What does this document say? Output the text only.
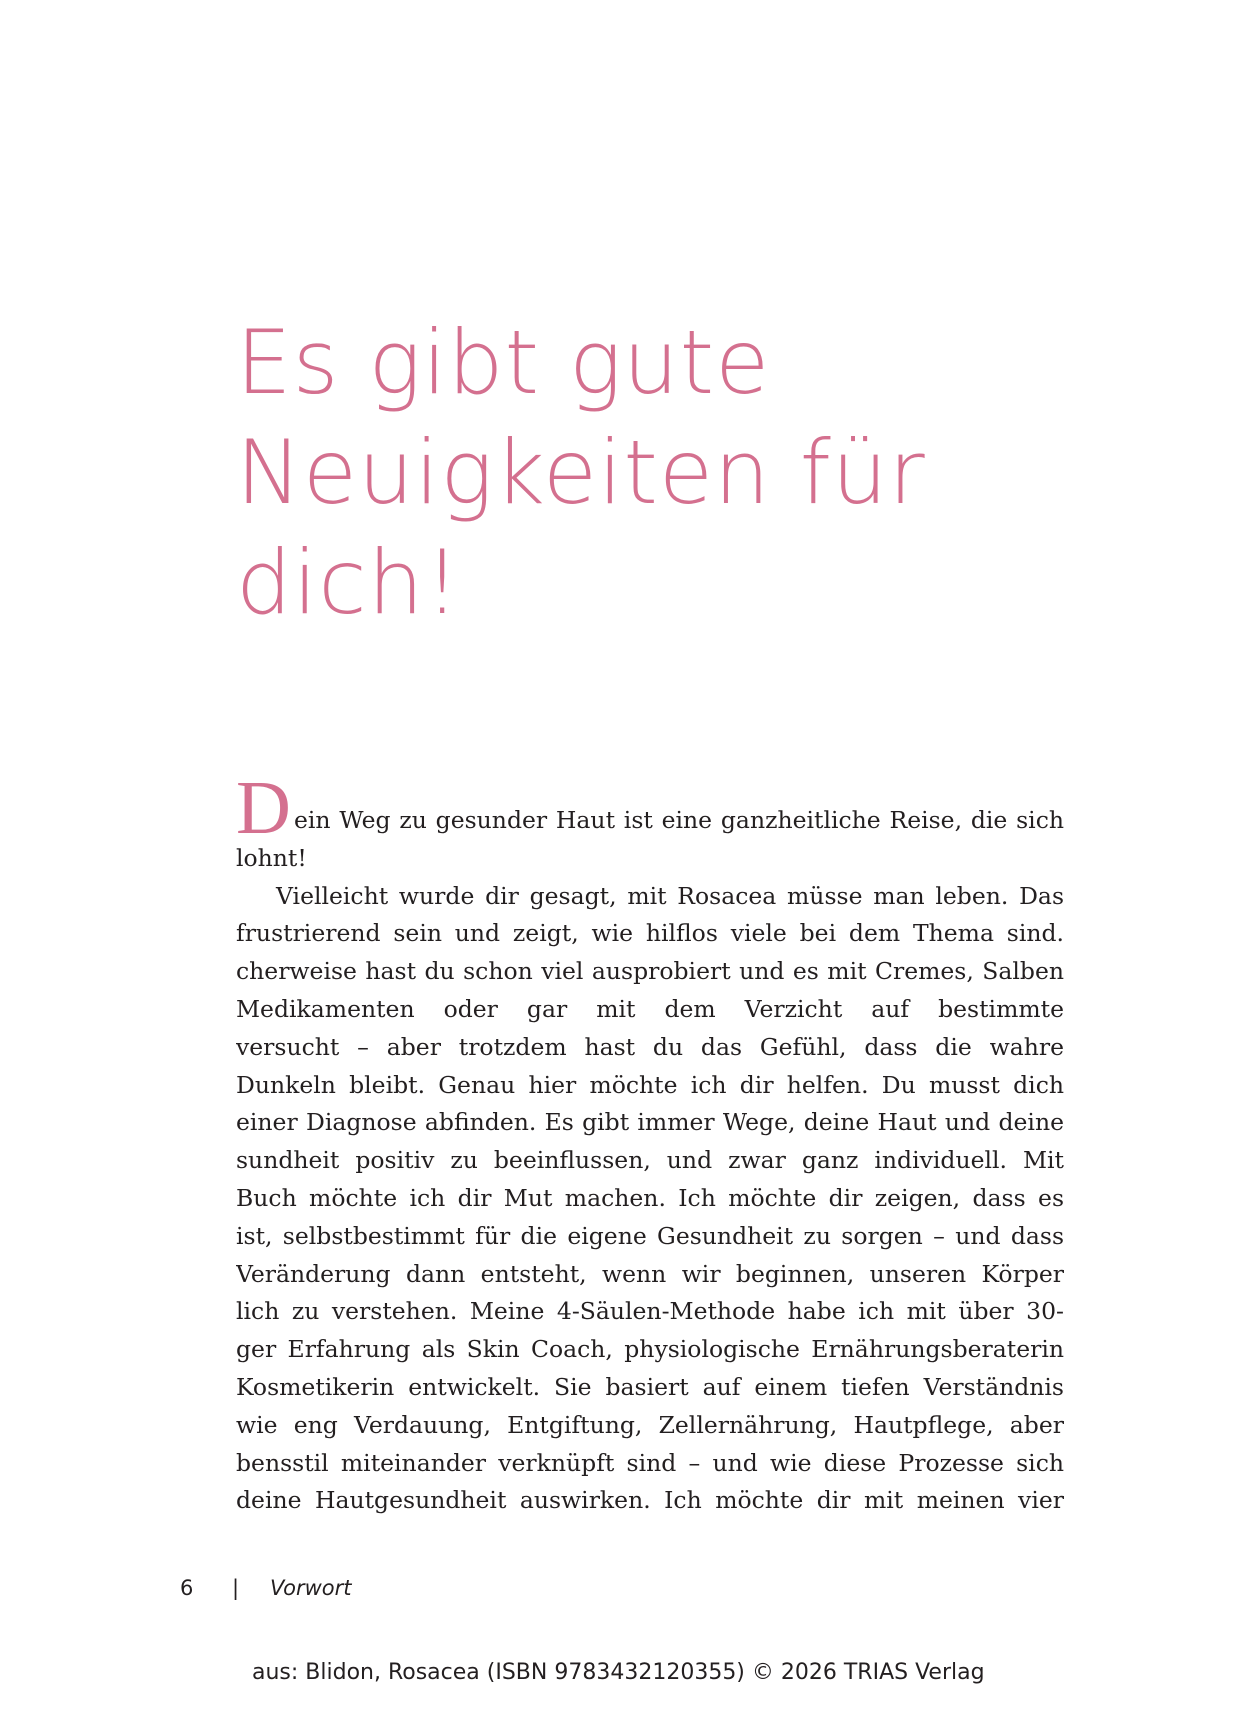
Es gibt gute
Neuigkeiten für
dich!
D ein Weg zu gesunder Haut ist eine ganzheitliche Reise, die sich
lohnt!
Vielleicht wurde dir gesagt, mit Rosacea müsse man leben. Das
frustrierend sein und zeigt, wie hilflos viele bei dem Thema sind.
cherweise hast du schon viel ausprobiert und es mit Cremes, Salben
Medikamenten oder gar mit dem Verzicht auf bestimmte
versucht – aber trotzdem hast du das Gefühl, dass die wahre
Dunkeln bleibt. Genau hier möchte ich dir helfen. Du musst dich
einer Diagnose abfinden. Es gibt immer Wege, deine Haut und deine
sundheit positiv zu beeinflussen, und zwar ganz individuell. Mit
Buch möchte ich dir Mut machen. Ich möchte dir zeigen, dass es
ist, selbstbestimmt für die eigene Gesundheit zu sorgen – und dass
Veränderung dann entsteht, wenn wir beginnen, unseren Körper
lich zu verstehen. Meine 4-Säulen-Methode habe ich mit über 30-
ger Erfahrung als Skin Coach, physiologische Ernährungsberaterin
Kosmetikerin entwickelt. Sie basiert auf einem tiefen Verständnis
wie eng Verdauung, Entgiftung, Zellernährung, Hautpflege, aber
bensstil miteinander verknüpft sind – und wie diese Prozesse sich
deine Hautgesundheit auswirken. Ich möchte dir mit meinen vier
6 | Vorwort
aus: Blidon, Rosacea (ISBN 9783432120355) © 2026 TRIAS Verlag
